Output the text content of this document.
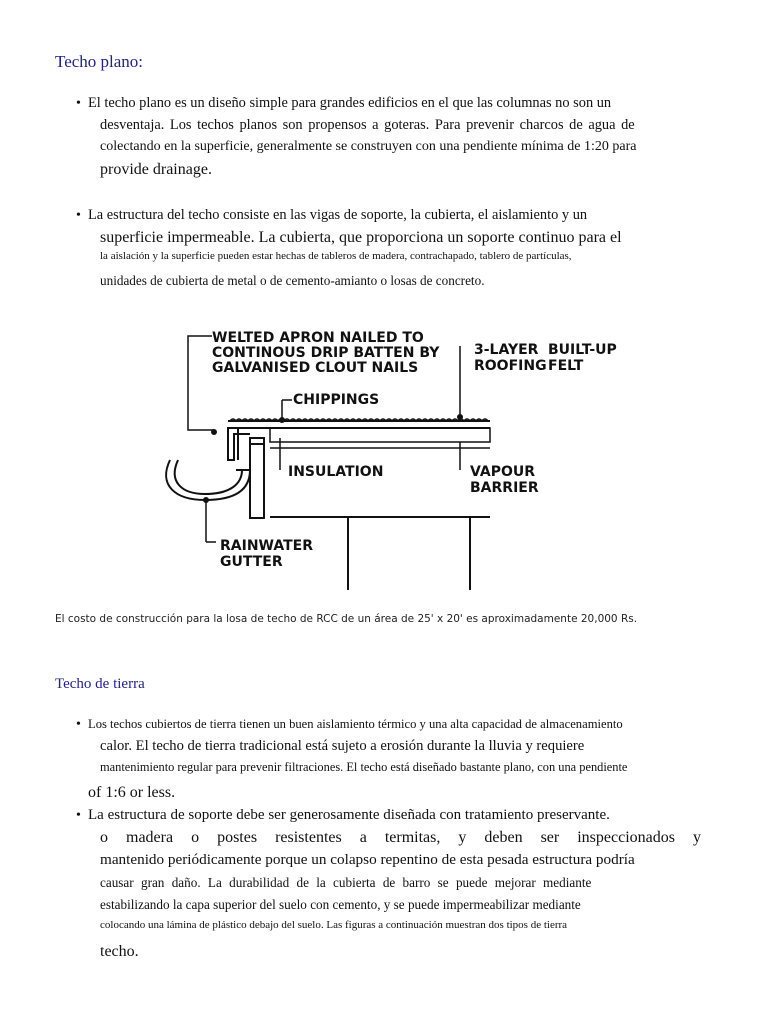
Techo plano:
• El techo plano es un diseño simple para grandes edificios en el que las columnas no son un
desventaja. Los techos planos son propensos a goteras. Para prevenir charcos de agua de
colectando en la superficie, generalmente se construyen con una pendiente mínima de 1:20 para
provide drainage.
• La estructura del techo consiste en las vigas de soporte, la cubierta, el aislamiento y un
superficie impermeable. La cubierta, que proporciona un soporte continuo para el
la aislación y la superficie pueden estar hechas de tableros de madera, contrachapado, tablero de partículas,
unidades de cubierta de metal o de cemento-amianto o losas de concreto.
WELTED APRON NAILED TO
CONTINOUS DRIP BATTEN BY
GALVANISED CLOUT NAILS
3-LAYER
ROOFING
BUILT-UP
FELT
CHIPPINGS
INSULATION	VAPOUR
BARRIER
RAINWATER
GUTTER
El costo de construcción para la losa de techo de RCC de un área de 25' x 20' es aproximadamente 20,000 Rs.
Techo de tierra
• Los techos cubiertos de tierra tienen un buen aislamiento térmico y una alta capacidad de almacenamiento
calor. El techo de tierra tradicional está sujeto a erosión durante la lluvia y requiere
mantenimiento regular para prevenir filtraciones. El techo está diseñado bastante plano, con una pendiente
of 1:6 or less.
• La estructura de soporte debe ser generosamente diseñada con tratamiento preservante.
o madera o postes resistentes a termitas, y deben ser inspeccionados y
mantenido periódicamente porque un colapso repentino de esta pesada estructura podría
causar gran daño. La durabilidad de la cubierta de barro se puede mejorar mediante
estabilizando la capa superior del suelo con cemento, y se puede impermeabilizar mediante
colocando una lámina de plástico debajo del suelo. Las figuras a continuación muestran dos tipos de tierra
techo.
